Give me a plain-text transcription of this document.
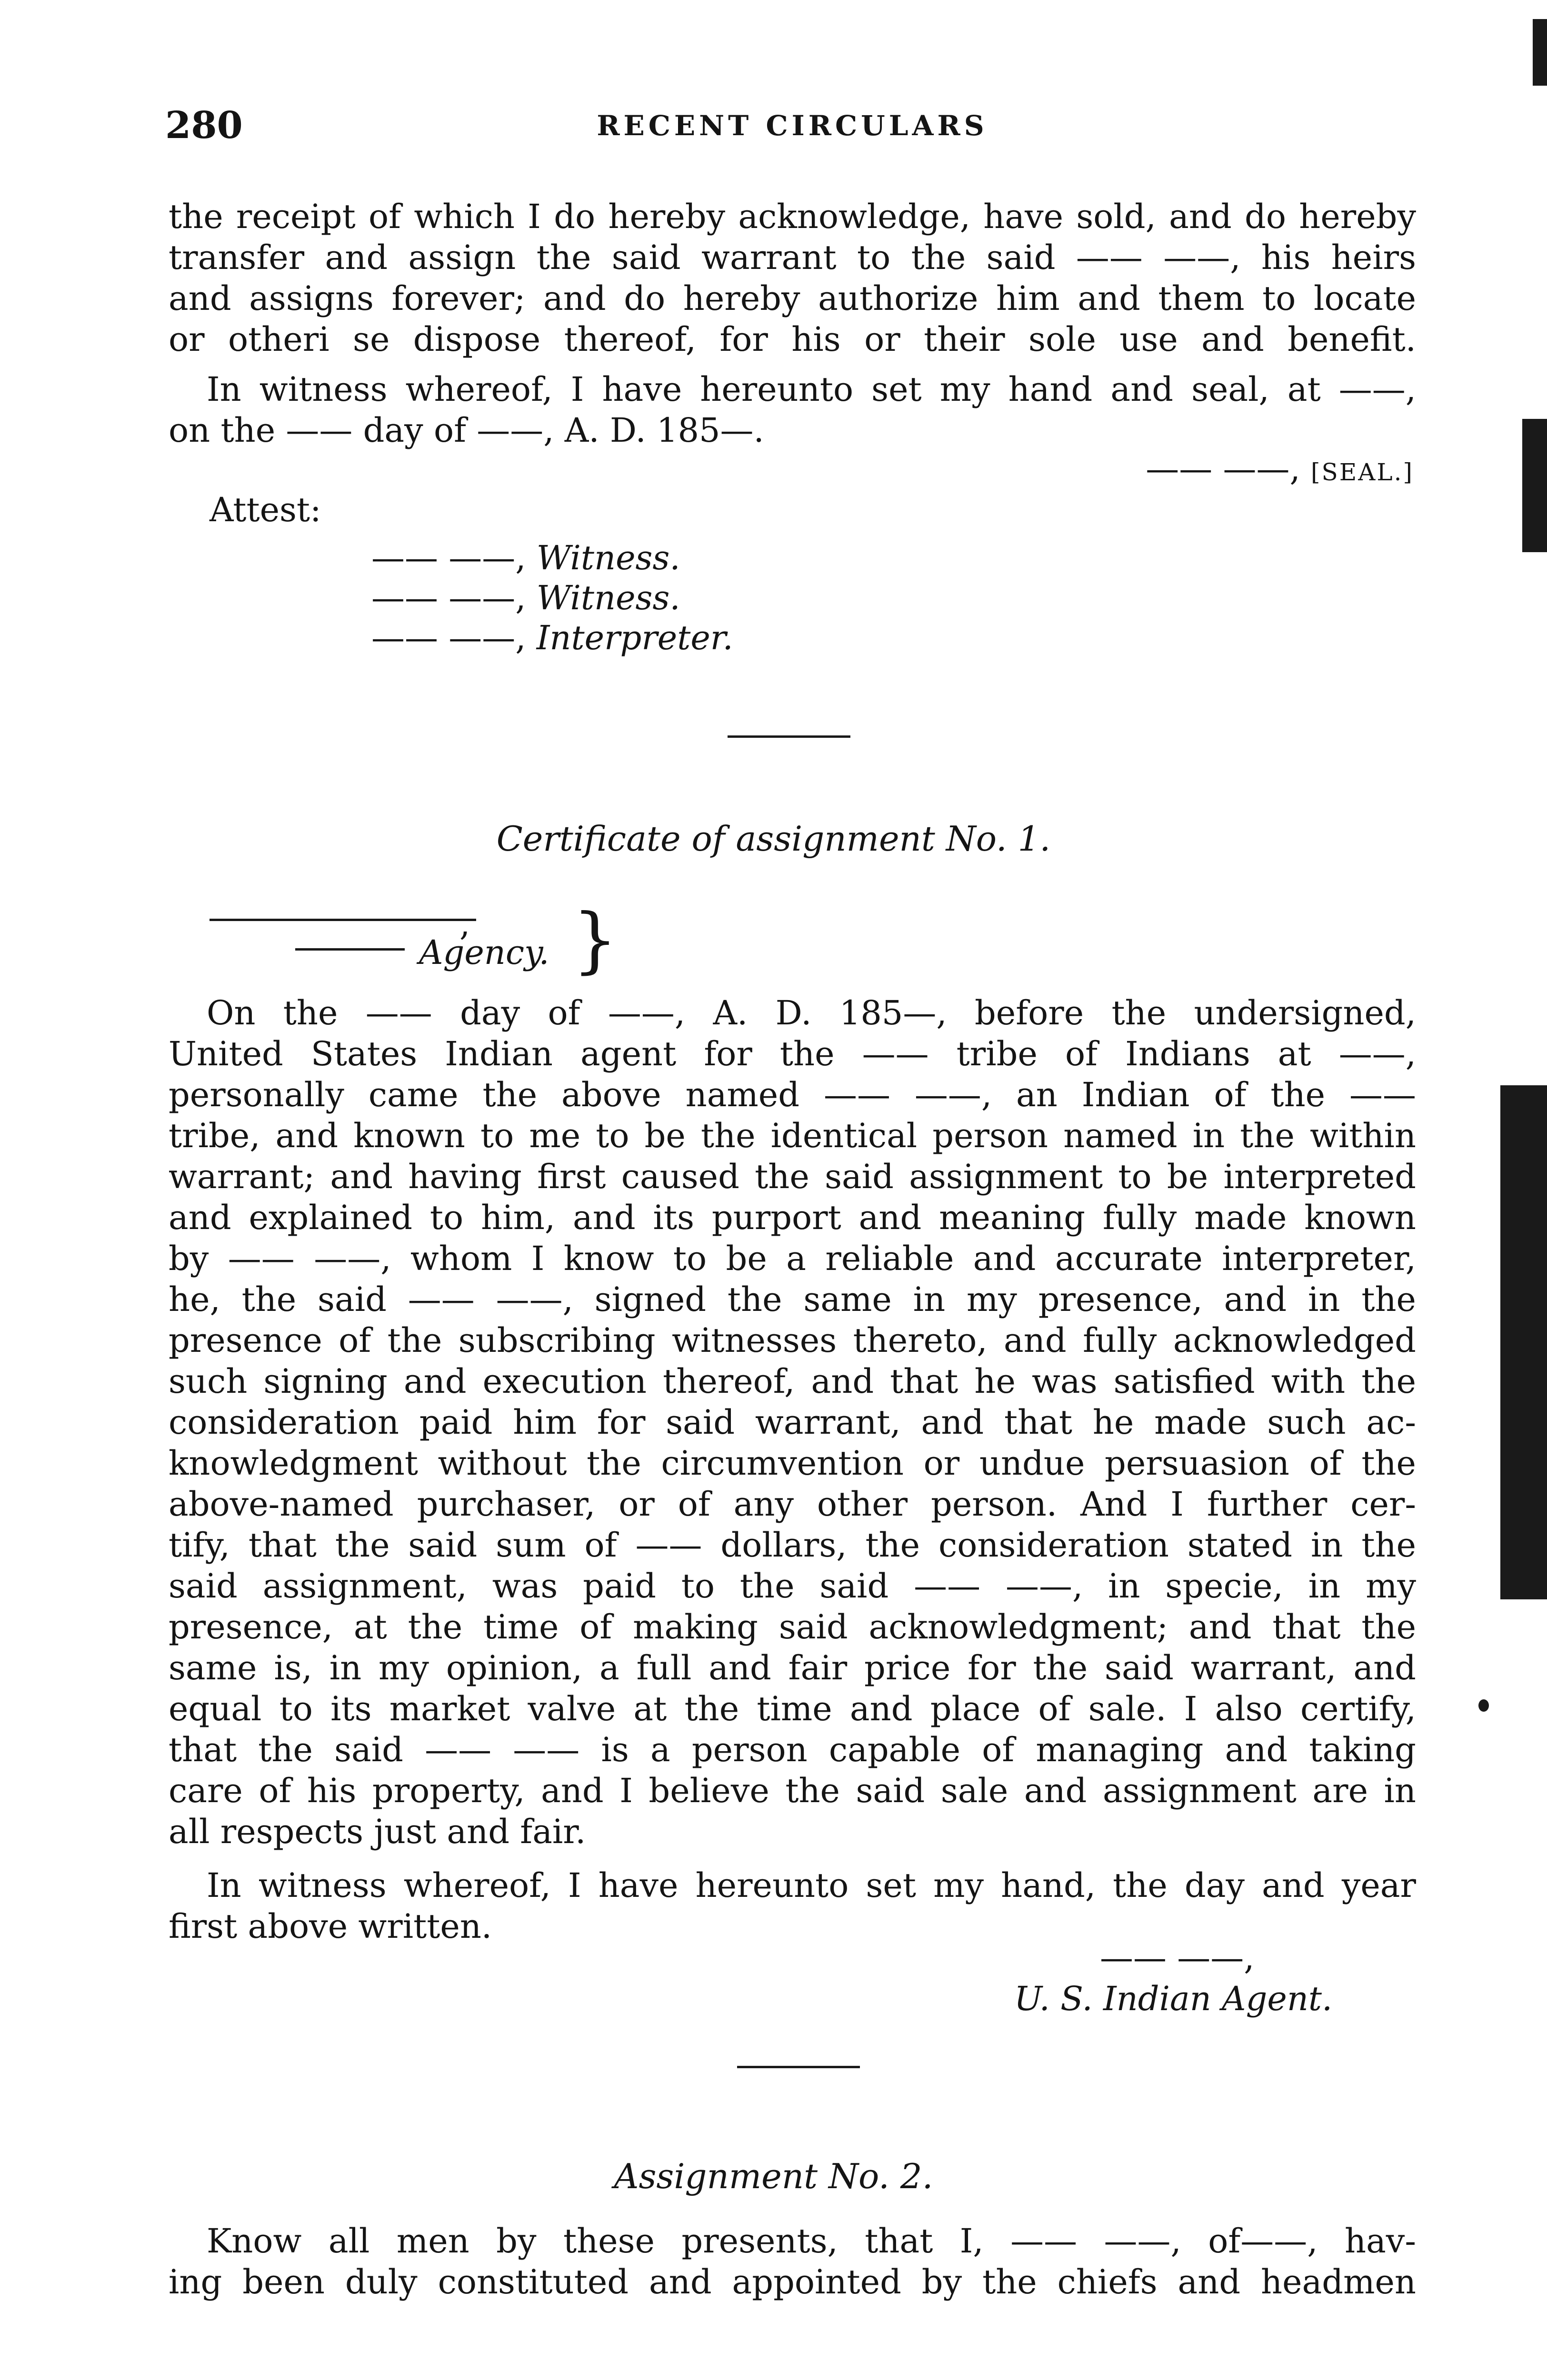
280	RECENT CIRCULARS
the receipt of which I do hereby acknowledge, have sold, and do hereby
transfer and assign the said warrant to the said —— ——, his heirs
and assigns forever; and do hereby authorize him and them to locate
or otheri se dispose thereof, for his or their sole use and benefit.
In witness whereof, I have hereunto set my hand and seal, at ——,
on the —— day of ——, A. D. 185—.
—— ——, [SEAL.]
Attest:
—— ——, Witness.
—— ——, Witness.
—— ——, Interpreter.
Certificate of assignment No. 1.
,
Agency. }
On the —— day of ——, A. D. 185—, before the undersigned,
United States Indian agent for the —— tribe of Indians at ——,
personally came the above named —— ——, an Indian of the ——
tribe, and known to me to be the identical person named in the within
warrant; and having first caused the said assignment to be interpreted
and explained to him, and its purport and meaning fully made known
by —— ——, whom I know to be a reliable and accurate interpreter,
he, the said —— ——, signed the same in my presence, and in the
presence of the subscribing witnesses thereto, and fully acknowledged
such signing and execution thereof, and that he was satisfied with the
consideration paid him for said warrant, and that he made such ac-
knowledgment without the circumvention or undue persuasion of the
above-named purchaser, or of any other person. And I further cer-
tify, that the said sum of —— dollars, the consideration stated in the
said assignment, was paid to the said —— ——, in specie, in my
presence, at the time of making said acknowledgment; and that the
same is, in my opinion, a full and fair price for the said warrant, and
equal to its market valve at the time and place of sale. I also certify,
that the said —— —— is a person capable of managing and taking
care of his property, and I believe the said sale and assignment are in
all respects just and fair.
In witness whereof, I have hereunto set my hand, the day and year
first above written.
—— ——,
U. S. Indian Agent.
Assignment No. 2.
Know all men by these presents, that I, —— ——, of——, hav-
ing been duly constituted and appointed by the chiefs and headmen
